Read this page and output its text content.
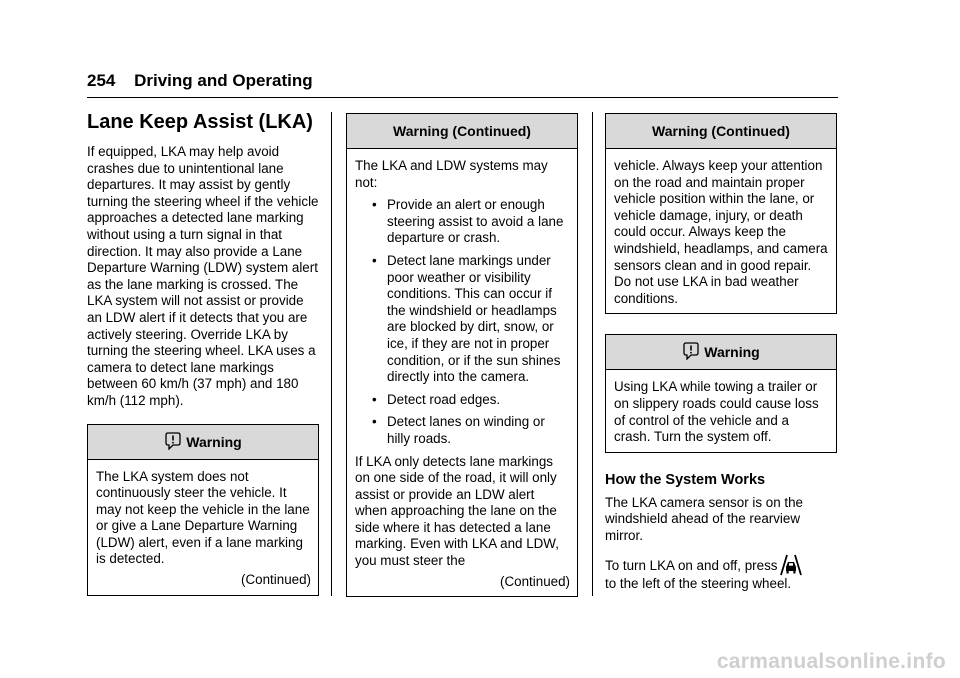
254 Driving and Operating
Lane Keep Assist (LKA)

If equipped, LKA may help avoid crashes due to unintentional lane departures. It may assist by gently turning the steering wheel if the vehicle approaches a detected lane marking without using a turn signal in that direction. It may also provide a Lane Departure Warning (LDW) system alert as the lane marking is crossed. The LKA system will not assist or provide an LDW alert if it detects that you are actively steering. Override LKA by turning the steering wheel. LKA uses a camera to detect lane markings between 60 km/h (37 mph) and 180 km/h (112 mph).

Warning

The LKA system does not continuously steer the vehicle. It may not keep the vehicle in the lane or give a Lane Departure Warning (LDW) alert, even if a lane marking is detected.

(Continued)
Warning (Continued)

The LKA and LDW systems may not:

• Provide an alert or enough steering assist to avoid a lane departure or crash.
• Detect lane markings under poor weather or visibility conditions. This can occur if the windshield or headlamps are blocked by dirt, snow, or ice, if they are not in proper condition, or if the sun shines directly into the camera.
• Detect road edges.
• Detect lanes on winding or hilly roads.

If LKA only detects lane markings on one side of the road, it will only assist or provide an LDW alert when approaching the lane on the side where it has detected a lane marking. Even with LKA and LDW, you must steer the

(Continued)
Warning (Continued)

vehicle. Always keep your attention on the road and maintain proper vehicle position within the lane, or vehicle damage, injury, or death could occur. Always keep the windshield, headlamps, and camera sensors clean and in good repair. Do not use LKA in bad weather conditions.

Warning

Using LKA while towing a trailer or on slippery roads could cause loss of control of the vehicle and a crash. Turn the system off.

How the System Works

The LKA camera sensor is on the windshield ahead of the rearview mirror.

To turn LKA on and off, press
to the left of the steering wheel.

carmanualsonline.info
